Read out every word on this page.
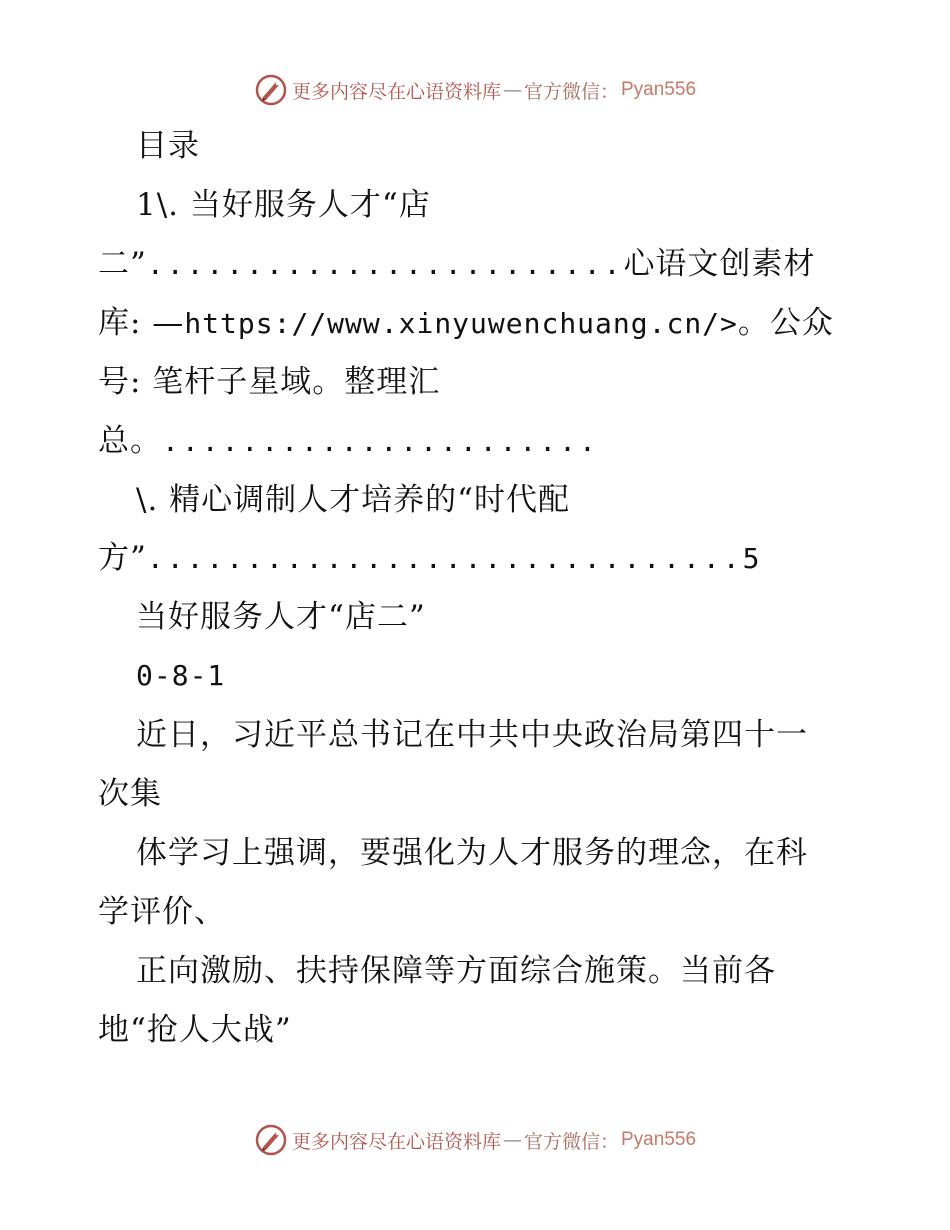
更多内容尽在心语资料库 — 官方微信： Pyan556
目录
1\. 当好服务人才“店
二”........................心语文创素材
库: —https://www.xinyuwenchuang.cn/>。公众
号: 笔杆子星域。整理汇
总。......................
\. 精心调制人才培养的“时代配
方”..............................5
当好服务人才“店二”
0-8-1
近日，习近平总书记在中共中央政治局第四十一
次集
体学习上强调，要强化为人才服务的理念，在科
学评价、
正向激励、扶持保障等方面综合施策。当前各
地“抢人大战”
更多内容尽在心语资料库 — 官方微信： Pyan556
